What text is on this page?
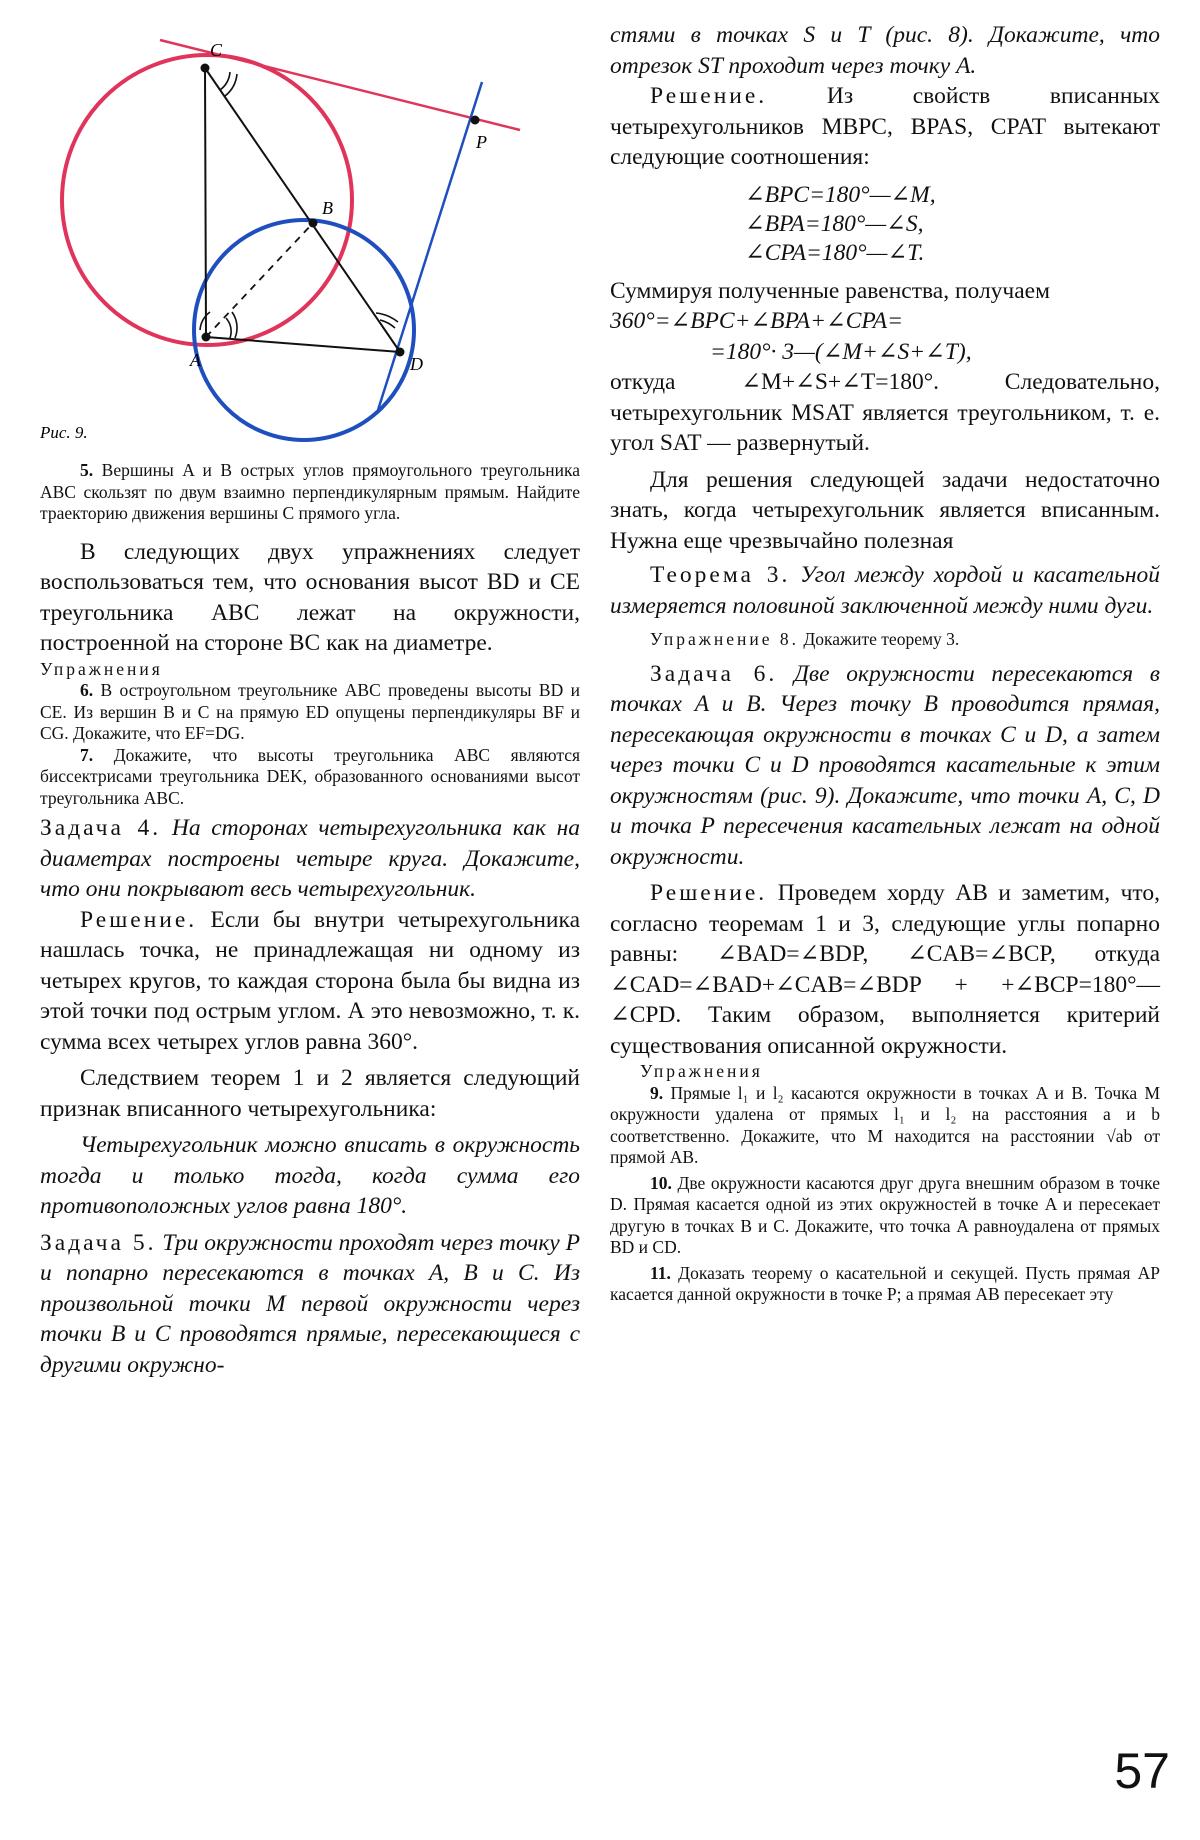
C
P
B
A	D
Рис. 9.

5. Вершины A и B острых углов прямоугольного треугольника ABC скользят по двум взаимно перпендикулярным прямым. Найдите траекторию движения вершины C прямого угла.

В следующих двух упражнениях следует воспользоваться тем, что основания высот BD и CE треугольника ABC лежат на окружности, построенной на стороне BC как на диаметре.

Упражнения

6. В остроугольном треугольнике ABC проведены высоты BD и CE. Из вершин B и C на прямую ED опущены перпендикуляры BF и CG. Докажите, что EF=DG.

7. Докажите, что высоты треугольника ABC являются биссектрисами треугольника DEK, образованного основаниями высот треугольника ABC.

Задача 4. На сторонах четырехугольника как на диаметрах построены четыре круга. Докажите, что они покрывают весь четырехугольник.

Решение. Если бы внутри четырехугольника нашлась точка, не принадлежащая ни одному из четырех кругов, то каждая сторона была бы видна из этой точки под острым углом. А это невозможно, т. к. сумма всех четырех углов равна 360°.

Следствием теорем 1 и 2 является следующий признак вписанного четырехугольника:

Четырехугольник можно вписать в окружность тогда и только тогда, когда сумма его противоположных углов равна 180°.

Задача 5. Три окружности проходят через точку P и попарно пересекаются в точках A, B и C. Из произвольной точки M первой окружности через точки B и C проводятся прямые, пересекающиеся с другими окружно-

стями в точках S и T (рис. 8). Докажите, что отрезок ST проходит через точку A.

Решение.	Из свойств вписанных четырехугольников MBPC, BPAS, CPAT вытекают следующие соотношения:

∠BPC=180°—∠M,
∠BPA=180°—∠S,
∠CPA=180°—∠T.

Суммируя полученные равенства, получаем

360°=∠BPC+∠BPA+∠CPA=

=180°· 3—(∠M+∠S+∠T),

откуда ∠M+∠S+∠T=180°. Следовательно, четырехугольник MSAT является треугольником, т. е. угол SAT — развернутый.

Для решения следующей задачи недостаточно знать, когда четырехугольник является вписанным. Нужна еще чрезвычайно полезная

Теорема 3. Угол между хордой и касательной измеряется половиной заключенной между ними дуги.

Упражнение 8. Докажите теорему 3.

Задача 6. Две окружности пересекаются в точках A и B. Через точку B проводится прямая, пересекающая окружности в точках C и D, а затем через точки C и D проводятся касательные к этим окружностям (рис. 9). Докажите, что точки A, C, D и точка P пересечения касательных лежат на одной окружности.

Решение. Проведем хорду AB и заметим, что, согласно теоремам 1 и 3, следующие углы попарно равны: ∠BAD=∠BDP, ∠CAB=∠BCP, откуда ∠CAD=∠BAD+∠CAB=∠BDP + +∠BCP=180°—∠CPD. Таким образом, выполняется критерий существования описанной окружности.

Упражнения

9. Прямые l₁ и l₂ касаются окружности в точках A и B. Точка M окружности удалена от прямых l₁ и l₂ на расстояния a и b соответственно. Докажите, что M находится на расстоянии √ab от прямой AB.

10. Две окружности касаются друг друга внешним образом в точке D. Прямая касается одной из этих окружностей в точке A и пересекает другую в точках B и C. Докажите, что точка A равноудалена от прямых BD и CD.

11. Доказать теорему о касательной и секущей. Пусть прямая AP касается данной окружности в точке P; а прямая AB пересекает эту

57
